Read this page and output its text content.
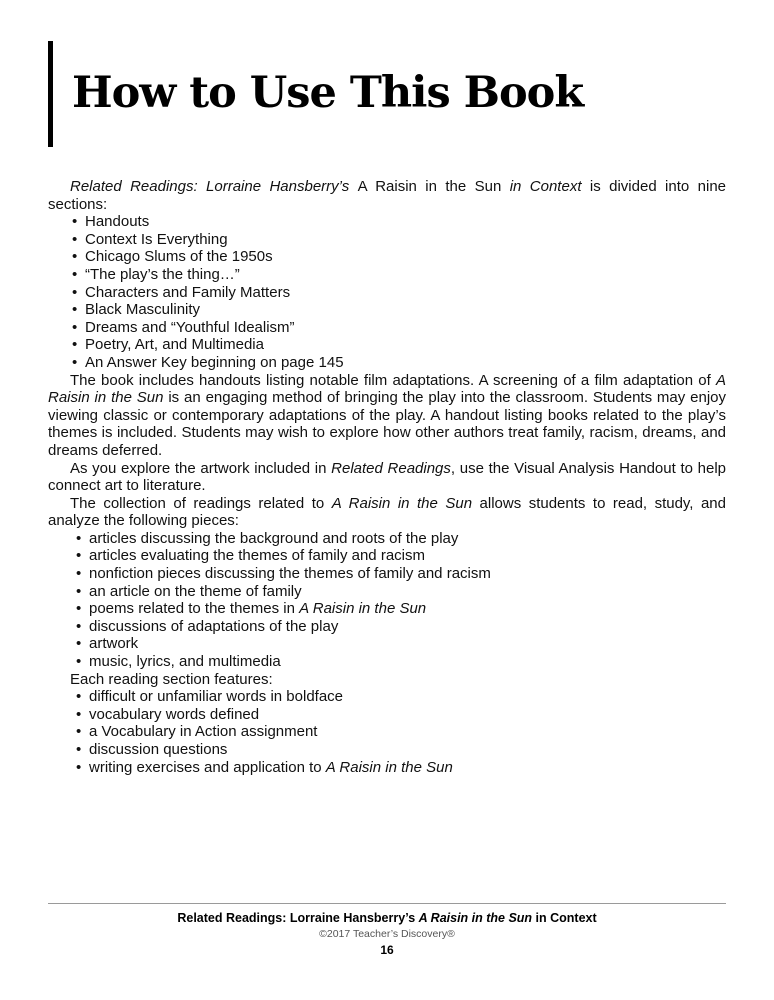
How to Use This Book

Related Readings: Lorraine Hansberry’s A Raisin in the Sun in Context is divided into nine sections:

• Handouts
• Context Is Everything
• Chicago Slums of the 1950s
• “The play’s the thing…”
• Characters and Family Matters
• Black Masculinity
• Dreams and “Youthful Idealism”
• Poetry, Art, and Multimedia
• An Answer Key beginning on page 145

The book includes handouts listing notable film adaptations. A screening of a film adaptation of A Raisin in the Sun is an engaging method of bringing the play into the classroom. Students may enjoy viewing classic or contemporary adaptations of the play. A handout listing books related to the play’s themes is included. Students may wish to explore how other authors treat family, racism, dreams, and dreams deferred.

As you explore the artwork included in Related Readings, use the Visual Analysis Handout to help connect art to literature.

The collection of readings related to A Raisin in the Sun allows students to read, study, and analyze the following pieces:

• articles discussing the background and roots of the play
• articles evaluating the themes of family and racism
• nonfiction pieces discussing the themes of family and racism
• an article on the theme of family
• poems related to the themes in A Raisin in the Sun
• discussions of adaptations of the play
• artwork
• music, lyrics, and multimedia

Each reading section features:

• difficult or unfamiliar words in boldface
• vocabulary words defined
• a Vocabulary in Action assignment
• discussion questions
• writing exercises and application to A Raisin in the Sun
Related Readings: Lorraine Hansberry’s A Raisin in the Sun in Context
©2017 Teacher’s Discovery®
16
